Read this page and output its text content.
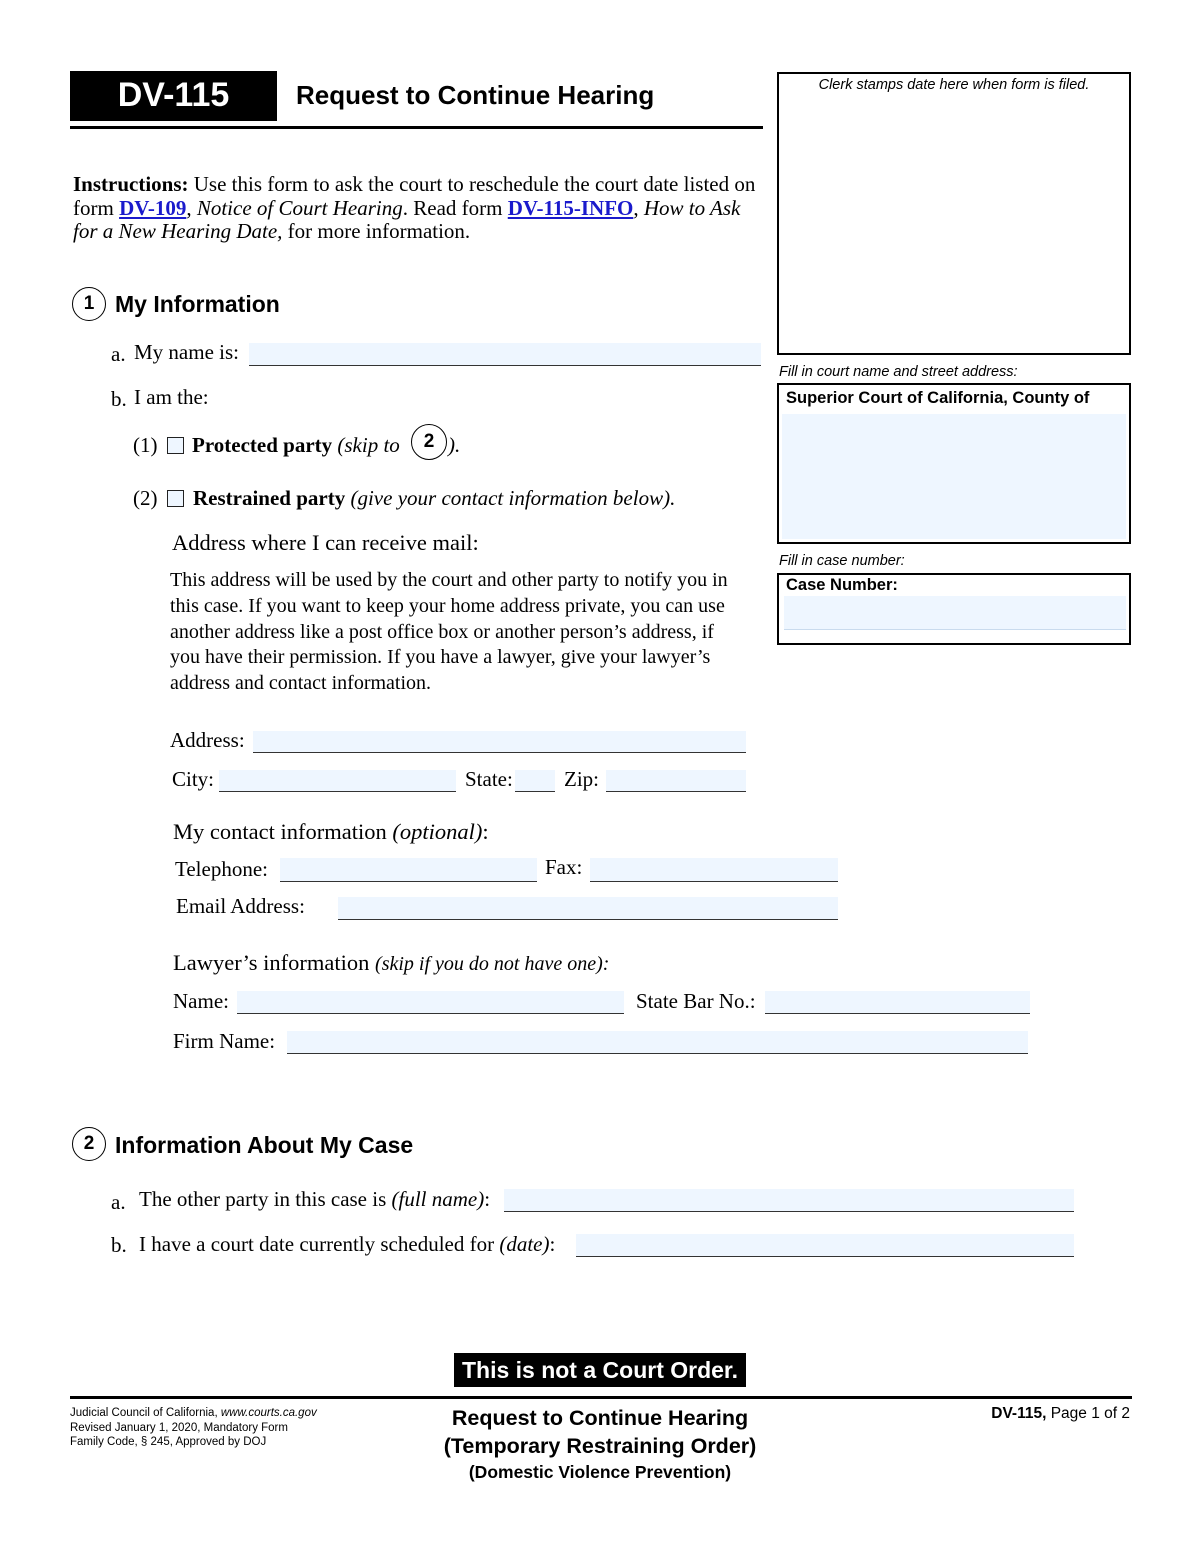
DV-115	Request to Continue Hearing	Clerk stamps date here when form is filed.
Fill in court name and street address:
Superior Court of California, County of
Fill in case number:
Case Number:
Instructions: Use this form to ask the court to reschedule the court date listed on form DV-109, Notice of Court Hearing. Read form DV-115-INFO, How to Ask for a New Hearing Date, for more information.
1 My Information
a. My name is:
b. I am the:
(1) Protected party (skip to	2 ).
(2) Restrained party (give your contact information below).
Address where I can receive mail:
This address will be used by the court and other party to notify you in this case. If you want to keep your home address private, you can use another address like a post office box or another person’s address, if you have their permission. If you have a lawyer, give your lawyer’s address and contact information.
Address:
City:	State: Zip:
My contact information (optional):
Telephone:	Fax:
Email Address:
Lawyer’s information (skip if you do not have one):
Name:	State Bar No.:
Firm Name:
2 Information About My Case
a. The other party in this case is (full name):
b. I have a court date currently scheduled for (date):
This is not a Court Order.
Judicial Council of California, www.courts.ca.gov
Revised January 1, 2020, Mandatory Form
Family Code, § 245, Approved by DOJ
Request to Continue Hearing
(Temporary Restraining Order)
(Domestic Violence Prevention)
DV-115, Page 1 of 2
